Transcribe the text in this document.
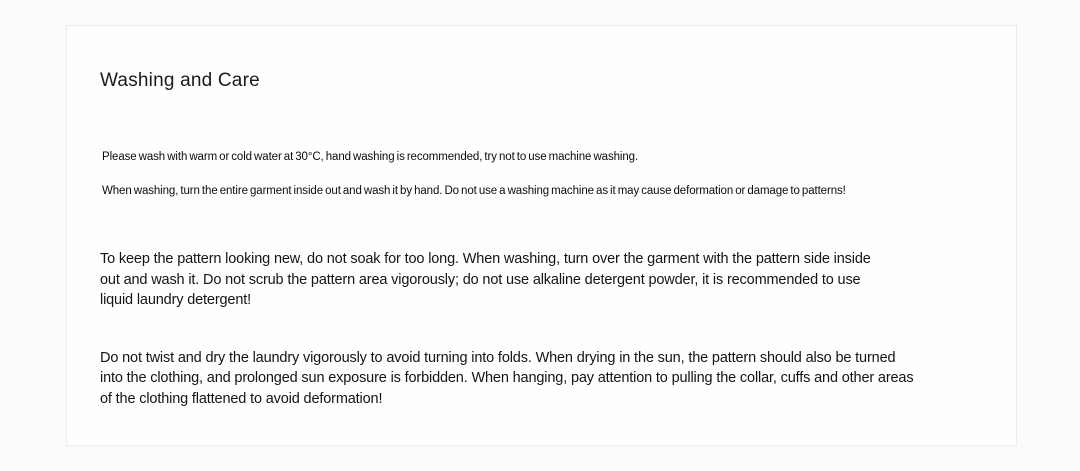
Washing and Care

Please wash with warm or cold water at 30°C, hand washing is recommended, try not to use machine washing.

When washing, turn the entire garment inside out and wash it by hand. Do not use a washing machine as it may cause deformation or damage to patterns!

To keep the pattern looking new, do not soak for too long. When washing, turn over the garment with the pattern side inside
out and wash it. Do not scrub the pattern area vigorously; do not use alkaline detergent powder, it is recommended to use
liquid laundry detergent!
Do not twist and dry the laundry vigorously to avoid turning into folds. When drying in the sun, the pattern should also be turned
into the clothing, and prolonged sun exposure is forbidden. When hanging, pay attention to pulling the collar, cuffs and other areas
of the clothing flattened to avoid deformation!
